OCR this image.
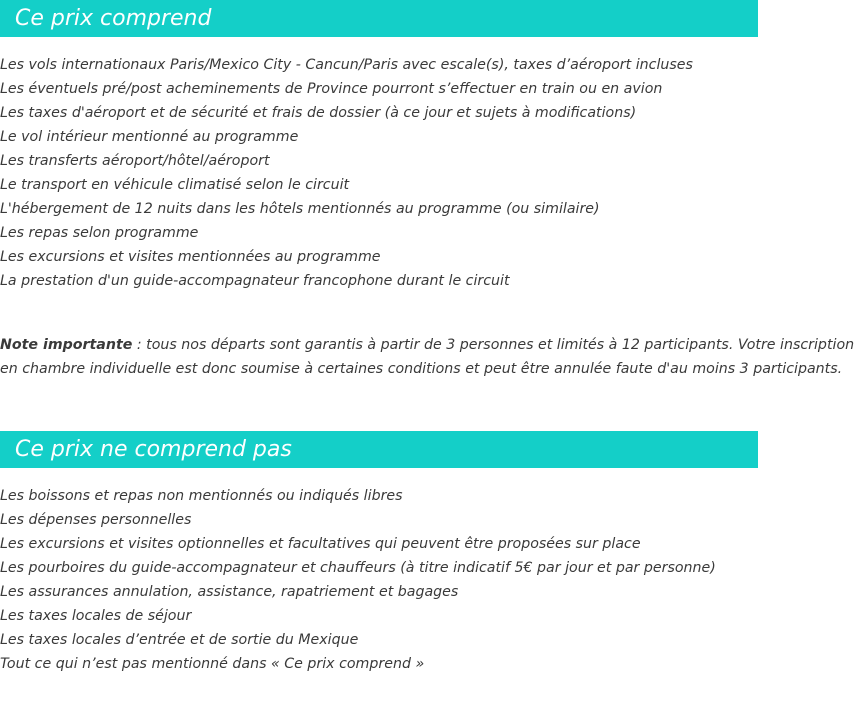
Ce prix comprend
Les vols internationaux Paris/Mexico City - Cancun/Paris avec escale(s), taxes d’aéroport incluses
Les éventuels pré/post acheminements de Province pourront s’effectuer en train ou en avion
Les taxes d'aéroport et de sécurité et frais de dossier (à ce jour et sujets à modifications)
Le vol intérieur mentionné au programme
Les transferts aéroport/hôtel/aéroport
Le transport en véhicule climatisé selon le circuit
L'hébergement de 12 nuits dans les hôtels mentionnés au programme (ou similaire)
Les repas selon programme
Les excursions et visites mentionnées au programme
La prestation d'un guide-accompagnateur francophone durant le circuit

Note importante : tous nos départs sont garantis à partir de 3 personnes et limités à 12 participants. Votre inscription
en chambre individuelle est donc soumise à certaines conditions et peut être annulée faute d'au moins 3 participants.

Ce prix ne comprend pas
Les boissons et repas non mentionnés ou indiqués libres
Les dépenses personnelles
Les excursions et visites optionnelles et facultatives qui peuvent être proposées sur place
Les pourboires du guide-accompagnateur et chauffeurs (à titre indicatif 5€ par jour et par personne)
Les assurances annulation, assistance, rapatriement et bagages
Les taxes locales de séjour
Les taxes locales d’entrée et de sortie du Mexique
Tout ce qui n’est pas mentionné dans « Ce prix comprend »
